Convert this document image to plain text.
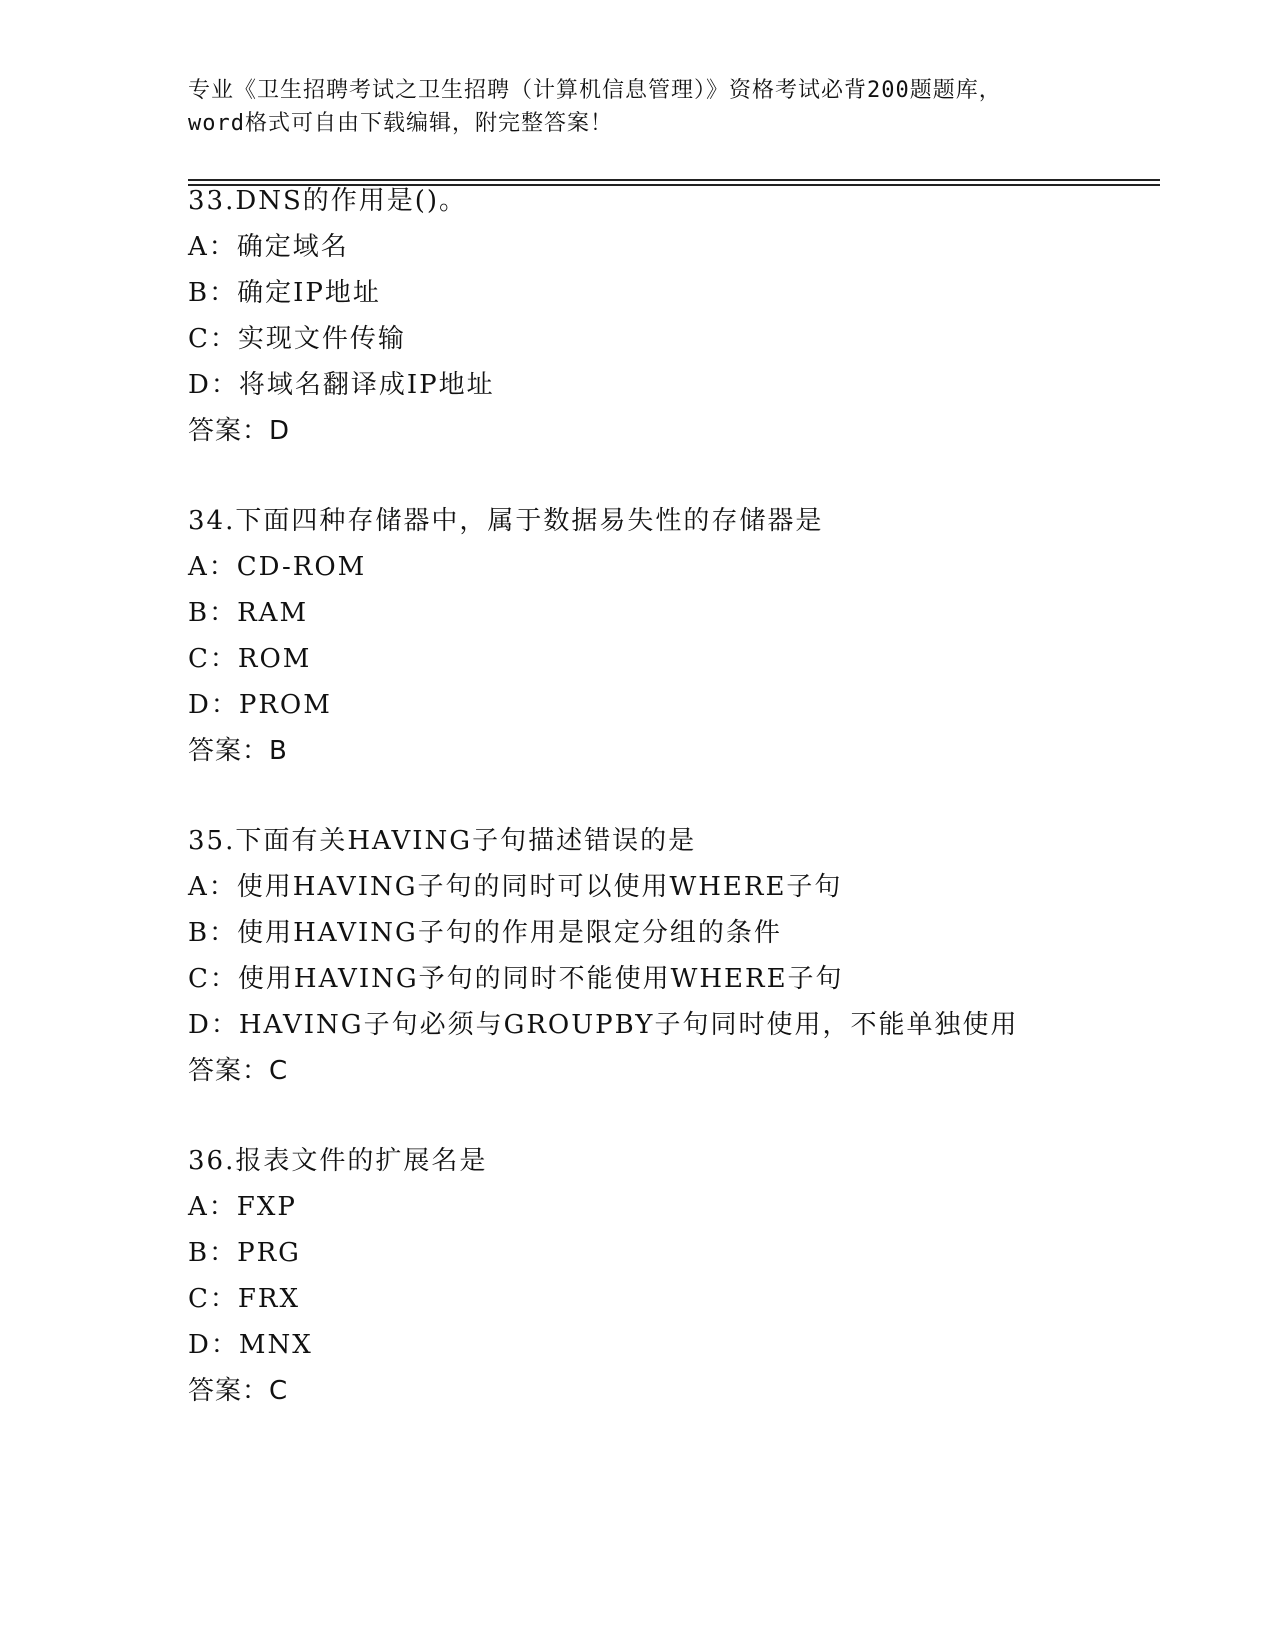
专业《卫生招聘考试之卫生招聘（计算机信息管理）》资格考试必背200题题库，
word格式可自由下载编辑，附完整答案！
33.DNS的作用是()。
A：确定域名
B：确定IP地址
C：实现文件传输
D：将域名翻译成IP地址
答案：D
34.下面四种存储器中，属于数据易失性的存储器是
A：CD-ROM
B：RAM
C：ROM
D：PROM
答案：B
35.下面有关HAVING子句描述错误的是
A：使用HAVING子句的同时可以使用WHERE子句
B：使用HAVING子句的作用是限定分组的条件
C：使用HAVING予句的同时不能使用WHERE子句
D：HAVING子句必须与GROUPBY子句同时使用，不能单独使用
答案：C
36.报表文件的扩展名是
A：FXP
B：PRG
C：FRX
D：MNX
答案：C
